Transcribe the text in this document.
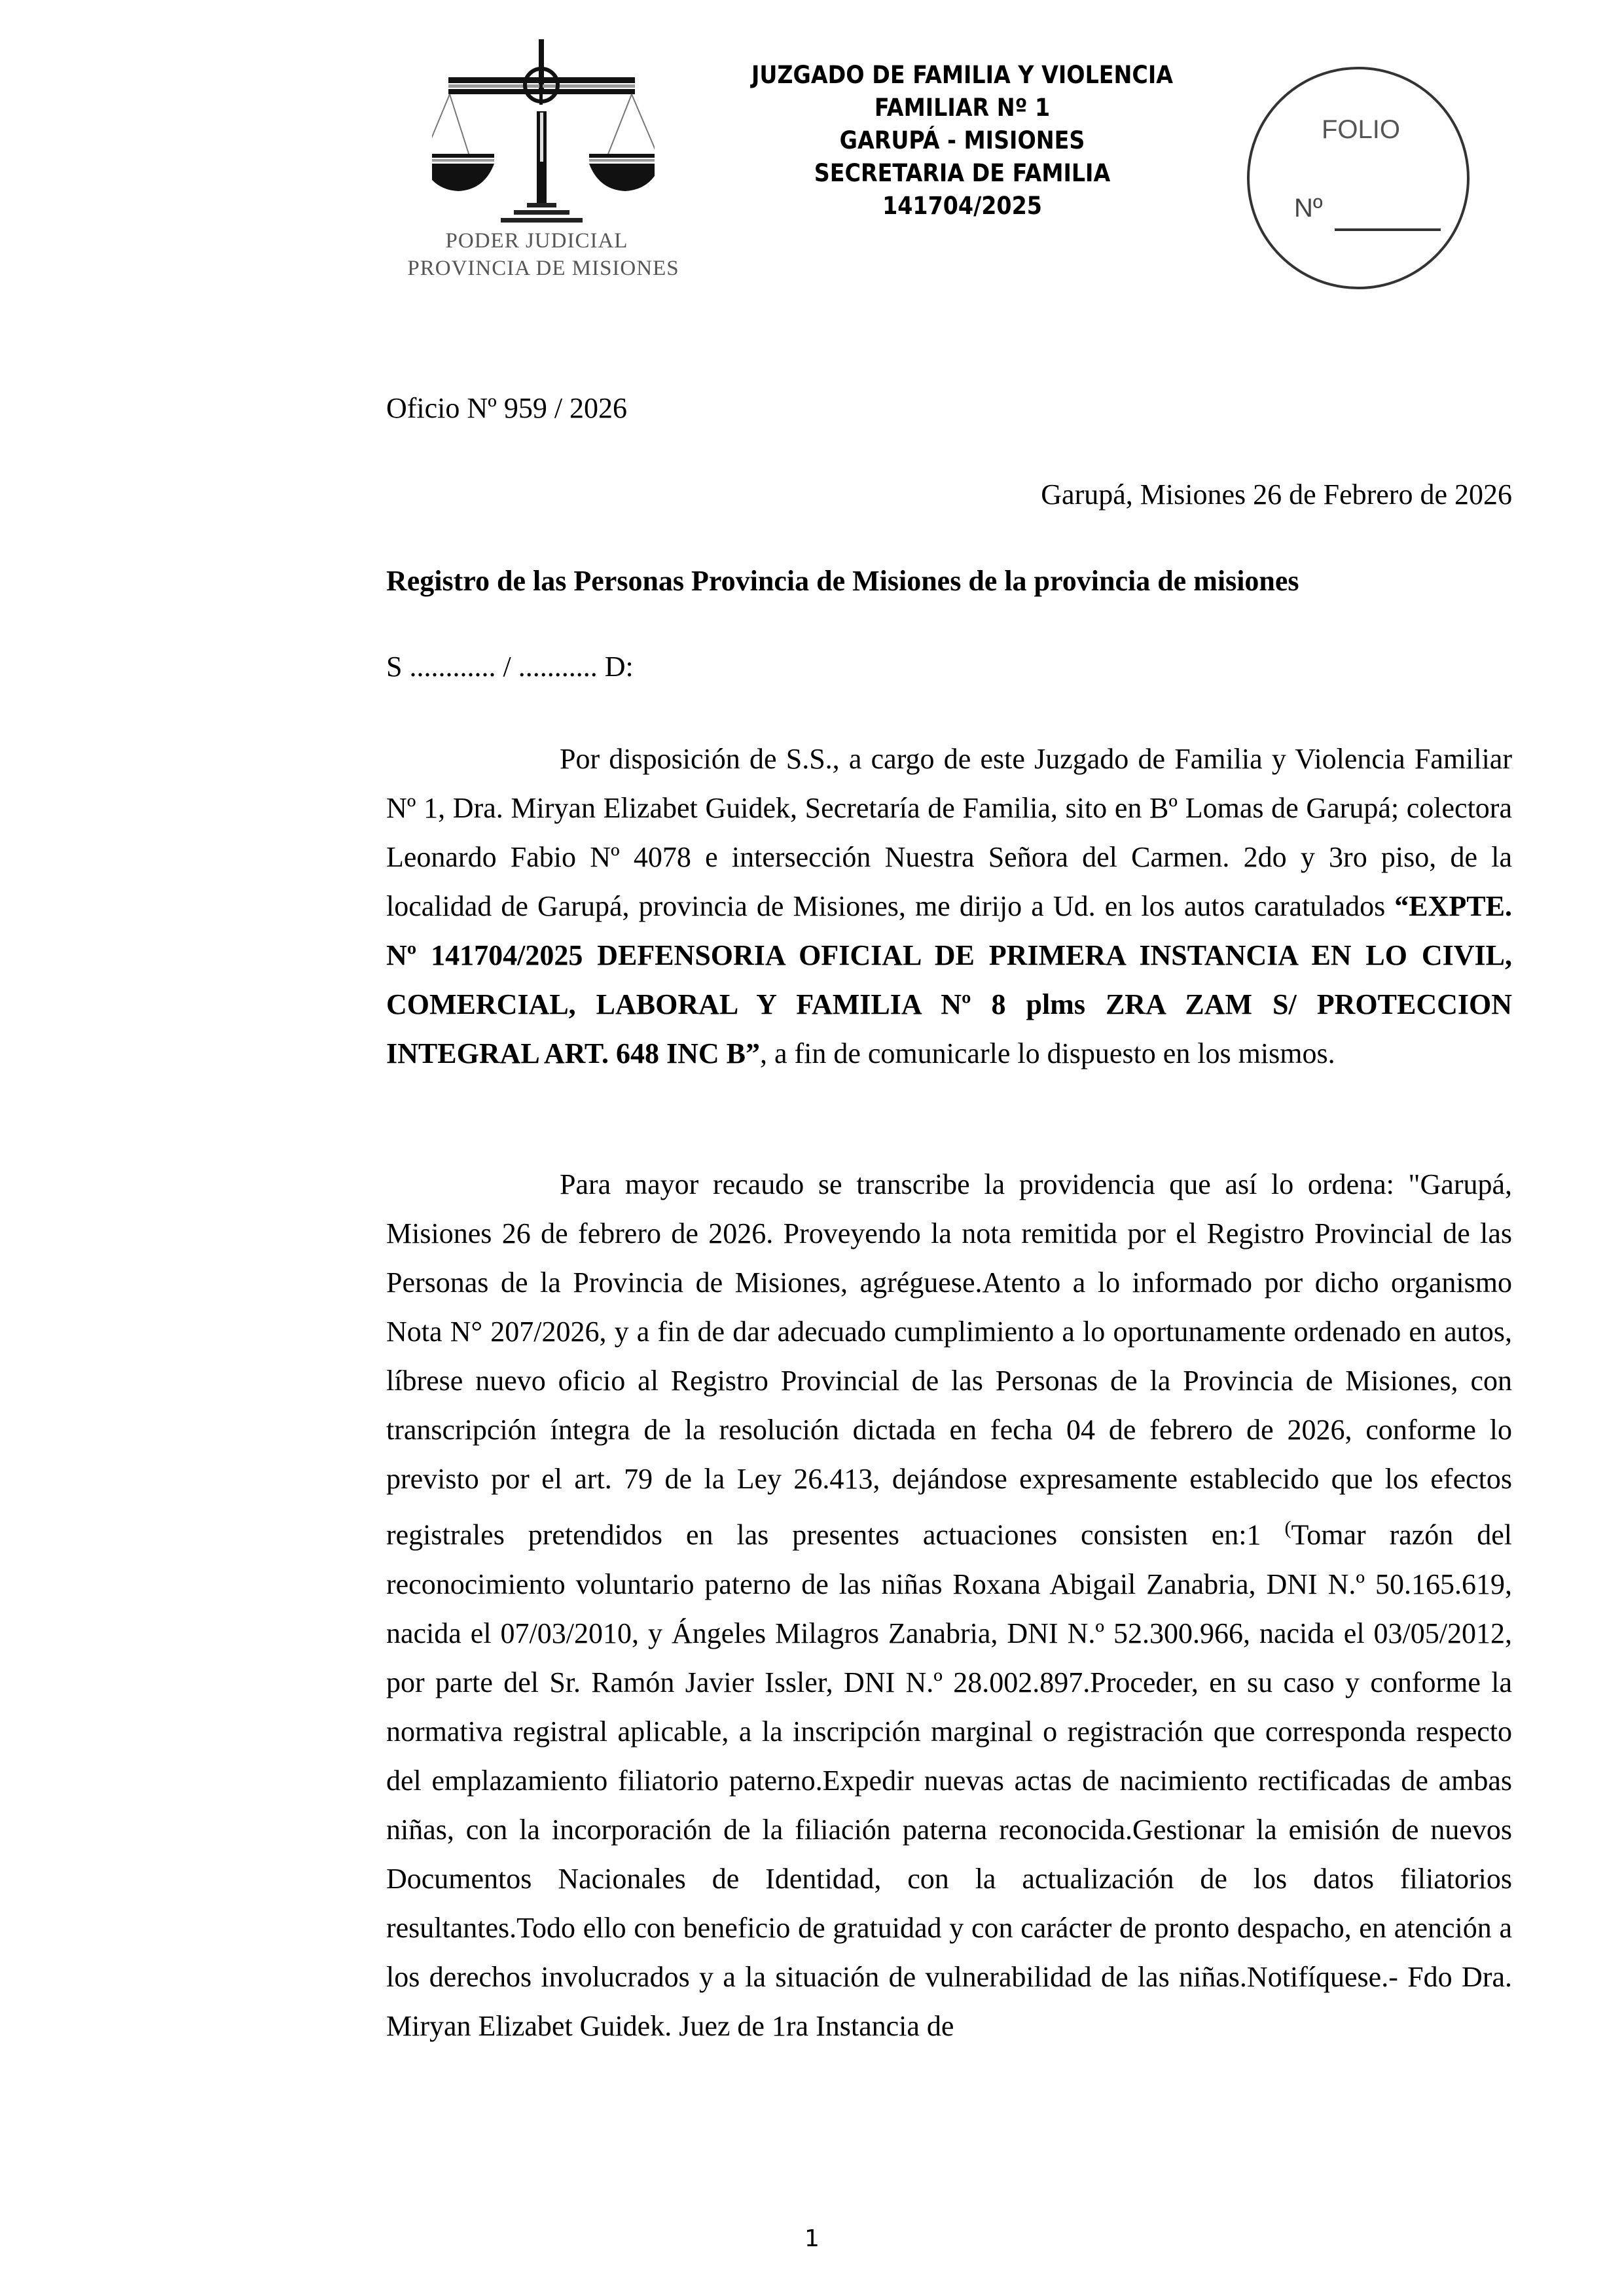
PODER JUDICIAL
PROVINCIA DE MISIONES
JUZGADO DE FAMILIA Y VIOLENCIA
FAMILIAR Nº 1
GARUPÁ - MISIONES
SECRETARIA DE FAMILIA
141704/2025
FOLIO
Nº
Oficio Nº 959 / 2026
Garupá, Misiones 26 de Febrero de 2026
Registro de las Personas Provincia de Misiones de la provincia de misiones
S ............ / ........... D:
Por disposición de S.S., a cargo de este Juzgado de Familia y Violencia Familiar Nº 1, Dra. Miryan Elizabet Guidek, Secretaría de Familia, sito en Bº Lomas de Garupá; colectora Leonardo Fabio Nº 4078 e intersección Nuestra Señora del Carmen. 2do y 3ro piso, de la localidad de Garupá, provincia de Misiones, me dirijo a Ud. en los autos caratulados “EXPTE. Nº 141704/2025 DEFENSORIA OFICIAL DE PRIMERA INSTANCIA EN LO CIVIL, COMERCIAL, LABORAL Y FAMILIA Nº 8 plms ZRA ZAM S/ PROTECCION INTEGRAL ART. 648 INC B”, a fin de comunicarle lo dispuesto en los mismos.
Para mayor recaudo se transcribe la providencia que así lo ordena: "Garupá, Misiones 26 de febrero de 2026. Proveyendo la nota remitida por el Registro Provincial de las Personas de la Provincia de Misiones, agréguese.Atento a lo informado por dicho organismo Nota N° 207/2026, y a fin de dar adecuado cumplimiento a lo oportunamente ordenado en autos, líbrese nuevo oficio al Registro Provincial de las Personas de la Provincia de Misiones, con transcripción íntegra de la resolución dictada en fecha 04 de febrero de 2026, conforme lo previsto por el art. 79 de la Ley 26.413, dejándose expresamente establecido que los efectos registrales pretendidos en las presentes actuaciones consisten en:1 (Tomar razón del reconocimiento voluntario paterno de las niñas Roxana Abigail Zanabria, DNI N.º 50.165.619, nacida el 07/03/2010, y Ángeles Milagros Zanabria, DNI N.º 52.300.966, nacida el 03/05/2012, por parte del Sr. Ramón Javier Issler, DNI N.º 28.002.897.Proceder, en su caso y conforme la normativa registral aplicable, a la inscripción marginal o registración que corresponda respecto del emplazamiento filiatorio paterno.Expedir nuevas actas de nacimiento rectificadas de ambas niñas, con la incorporación de la filiación paterna reconocida.Gestionar la emisión de nuevos Documentos Nacionales de Identidad, con la actualización de los datos filiatorios resultantes.Todo ello con beneficio de gratuidad y con carácter de pronto despacho, en atención a los derechos involucrados y a la situación de vulnerabilidad de las niñas.Notifíquese.- Fdo Dra. Miryan Elizabet Guidek. Juez de 1ra Instancia de
1
